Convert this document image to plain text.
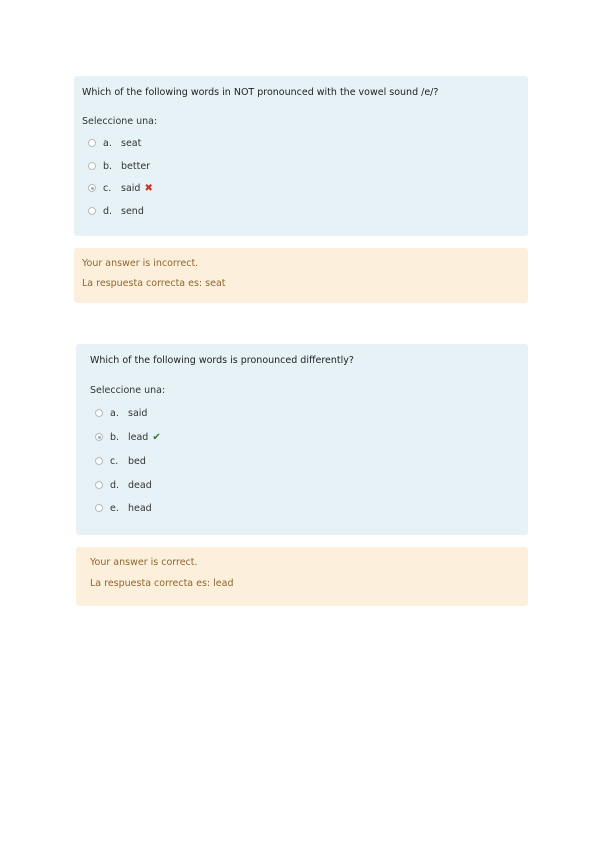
Which of the following words in NOT pronounced with the vowel sound /e/?
Seleccione una:
a. seat
b. better
c.	said ✖
d. send
Your answer is incorrect.
La respuesta correcta es: seat
Which of the following words is pronounced differently?
Seleccione una:
a. said
b. lead ✔
c.	bed
d. dead
e. head
Your answer is correct.
La respuesta correcta es: lead
